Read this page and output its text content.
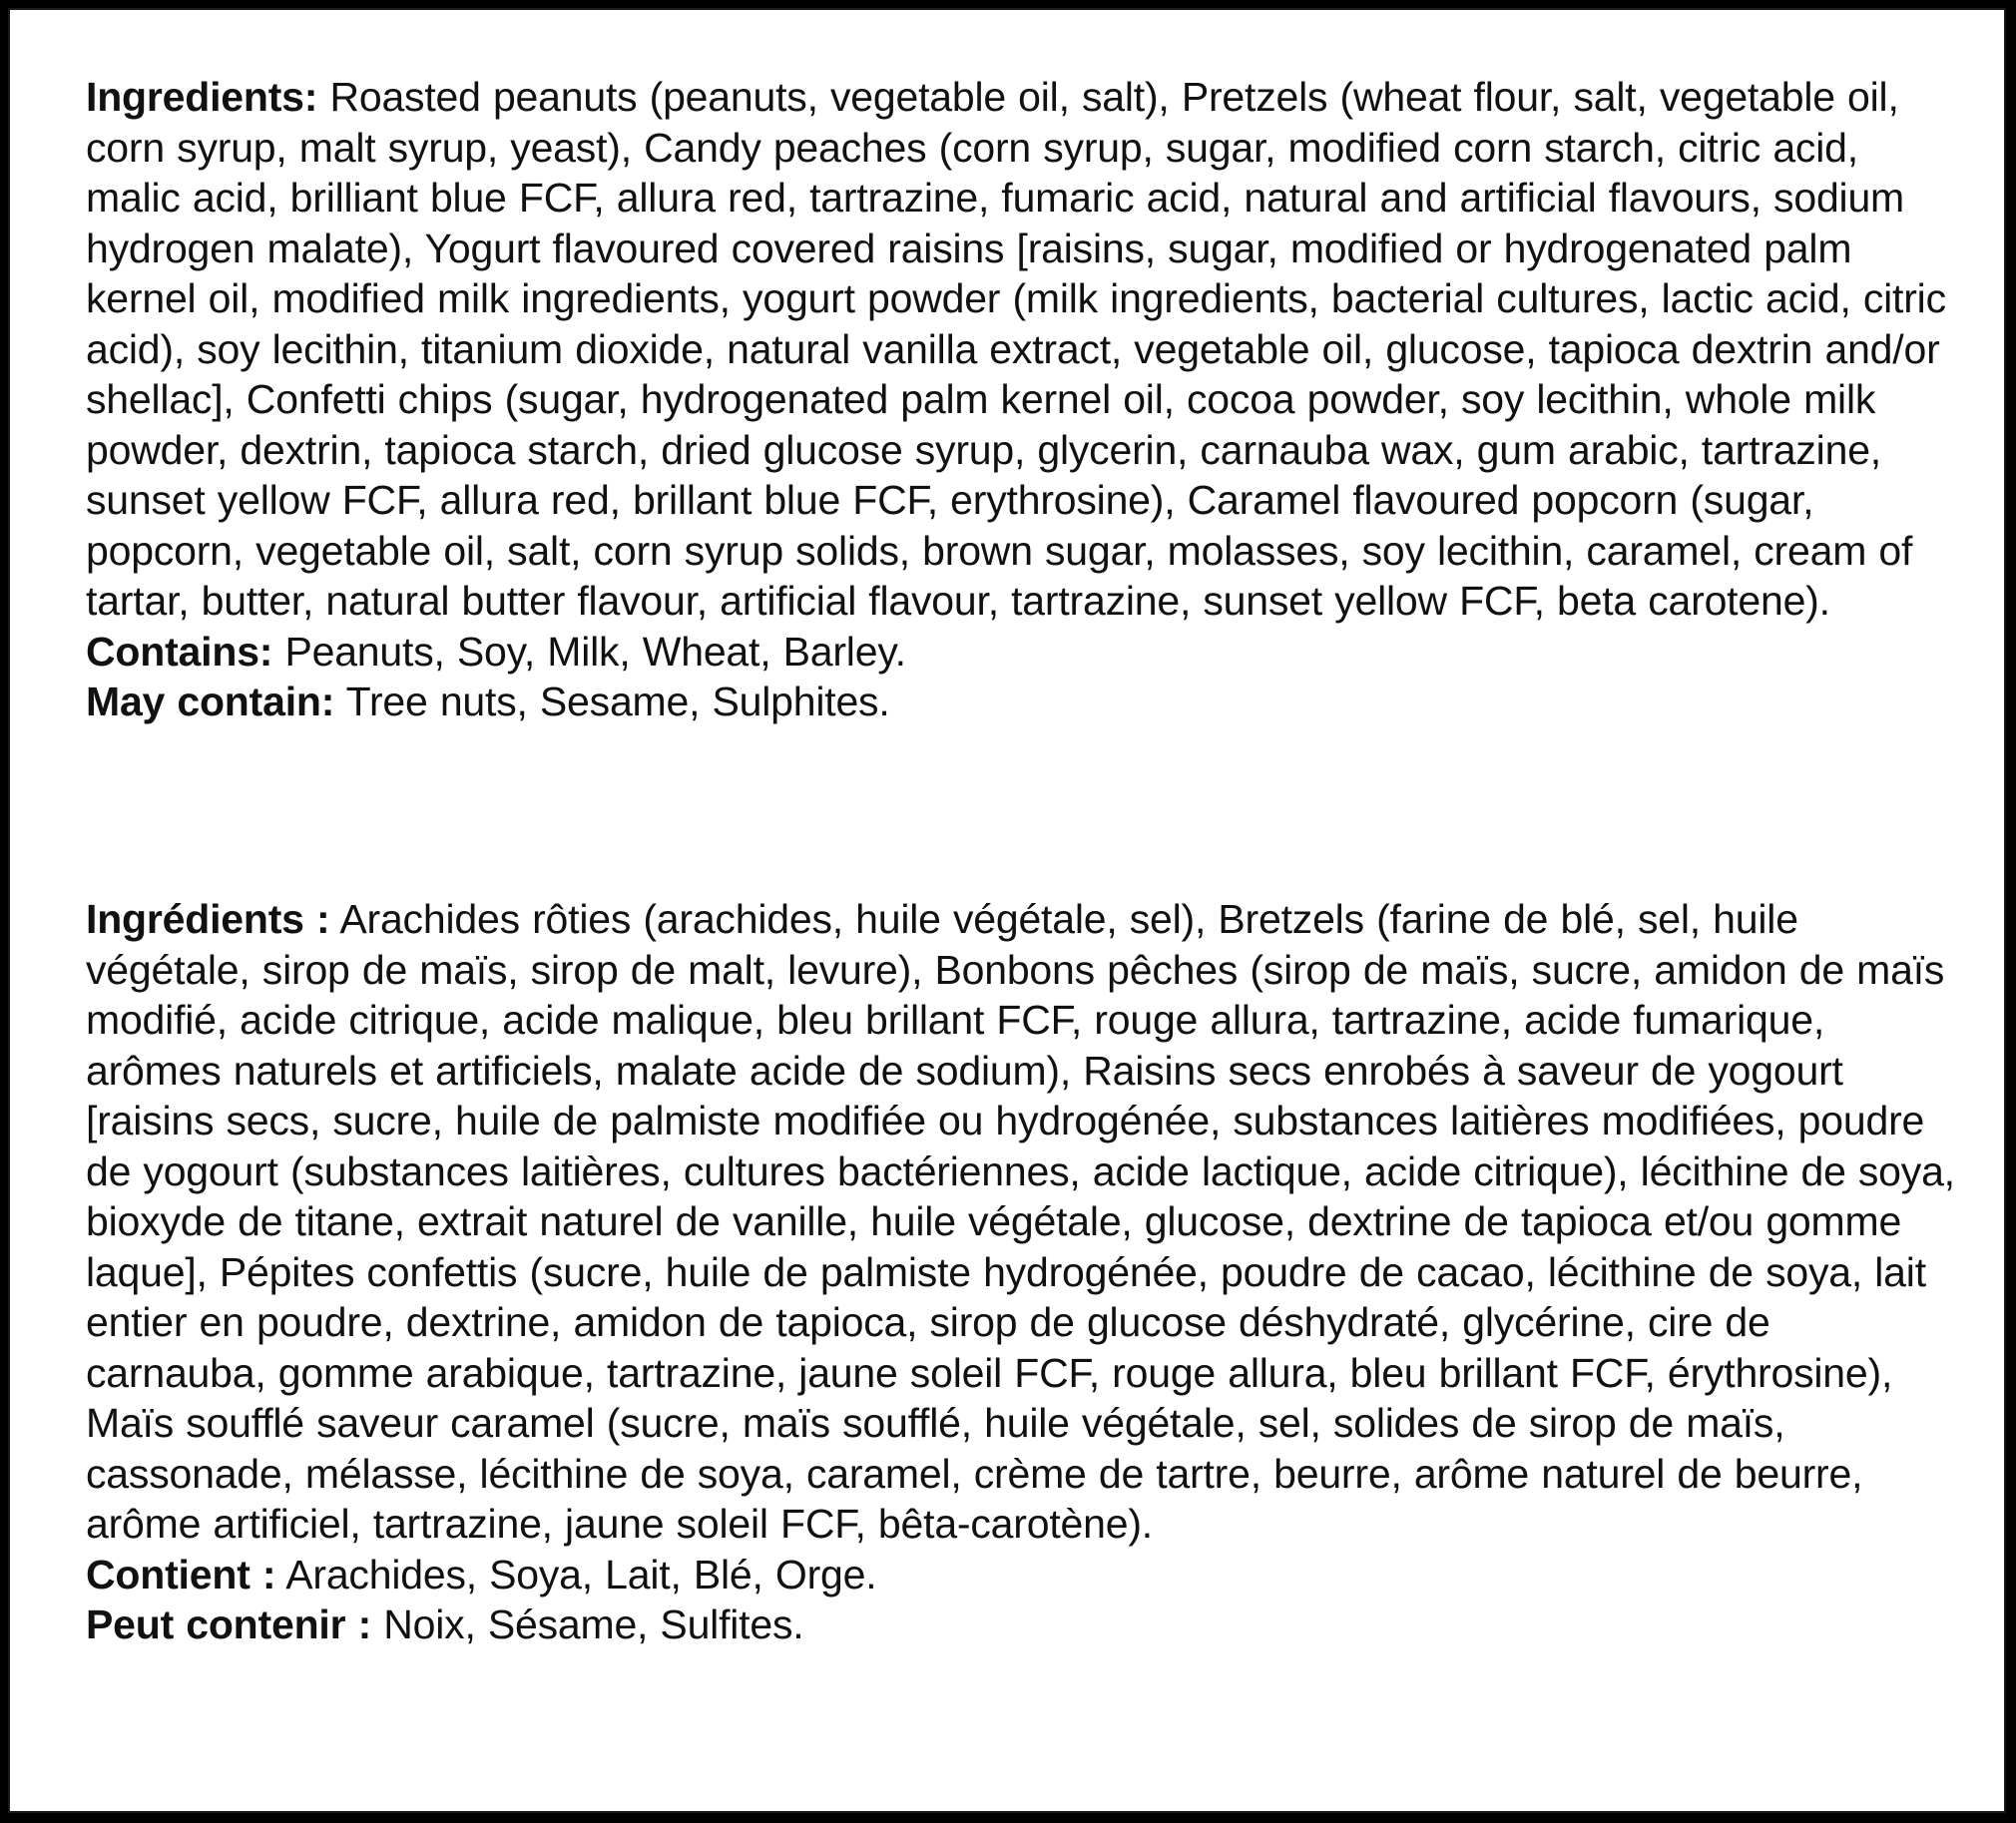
Ingredients: Roasted peanuts (peanuts, vegetable oil, salt), Pretzels (wheat flour, salt, vegetable oil, corn syrup, malt syrup, yeast), Candy peaches (corn syrup, sugar, modified corn starch, citric acid, malic acid, brilliant blue FCF, allura red, tartrazine, fumaric acid, natural and artificial flavours, sodium hydrogen malate), Yogurt flavoured covered raisins [raisins, sugar, modified or hydrogenated palm kernel oil, modified milk ingredients, yogurt powder (milk ingredients, bacterial cultures, lactic acid, citric acid), soy lecithin, titanium dioxide, natural vanilla extract, vegetable oil, glucose, tapioca dextrin and/or shellac], Confetti chips (sugar, hydrogenated palm kernel oil, cocoa powder, soy lecithin, whole milk powder, dextrin, tapioca starch, dried glucose syrup, glycerin, carnauba wax, gum arabic, tartrazine, sunset yellow FCF, allura red, brillant blue FCF, erythrosine), Caramel flavoured popcorn (sugar, popcorn, vegetable oil, salt, corn syrup solids, brown sugar, molasses, soy lecithin, caramel, cream of tartar, butter, natural butter flavour, artificial flavour, tartrazine, sunset yellow FCF, beta carotene).

Contains: Peanuts, Soy, Milk, Wheat, Barley.

May contain: Tree nuts, Sesame, Sulphites.

Ingrédients : Arachides rôties (arachides, huile végétale, sel), Bretzels (farine de blé, sel, huile végétale, sirop de maïs, sirop de malt, levure), Bonbons pêches (sirop de maïs, sucre, amidon de maïs modifié, acide citrique, acide malique, bleu brillant FCF, rouge allura, tartrazine, acide fumarique, arômes naturels et artificiels, malate acide de sodium), Raisins secs enrobés à saveur de yogourt [raisins secs, sucre, huile de palmiste modifiée ou hydrogénée, substances laitières modifiées, poudre de yogourt (substances laitières, cultures bactériennes, acide lactique, acide citrique), lécithine de soya, bioxyde de titane, extrait naturel de vanille, huile végétale, glucose, dextrine de tapioca et/ou gomme laque], Pépites confettis (sucre, huile de palmiste hydrogénée, poudre de cacao, lécithine de soya, lait entier en poudre, dextrine, amidon de tapioca, sirop de glucose déshydraté, glycérine, cire de carnauba, gomme arabique, tartrazine, jaune soleil FCF, rouge allura, bleu brillant FCF, érythrosine), Maïs soufflé saveur caramel (sucre, maïs soufflé, huile végétale, sel, solides de sirop de maïs, cassonade, mélasse, lécithine de soya, caramel, crème de tartre, beurre, arôme naturel de beurre, arôme artificiel, tartrazine, jaune soleil FCF, bêta-carotène).

Contient : Arachides, Soya, Lait, Blé, Orge.

Peut contenir : Noix, Sésame, Sulfites.
